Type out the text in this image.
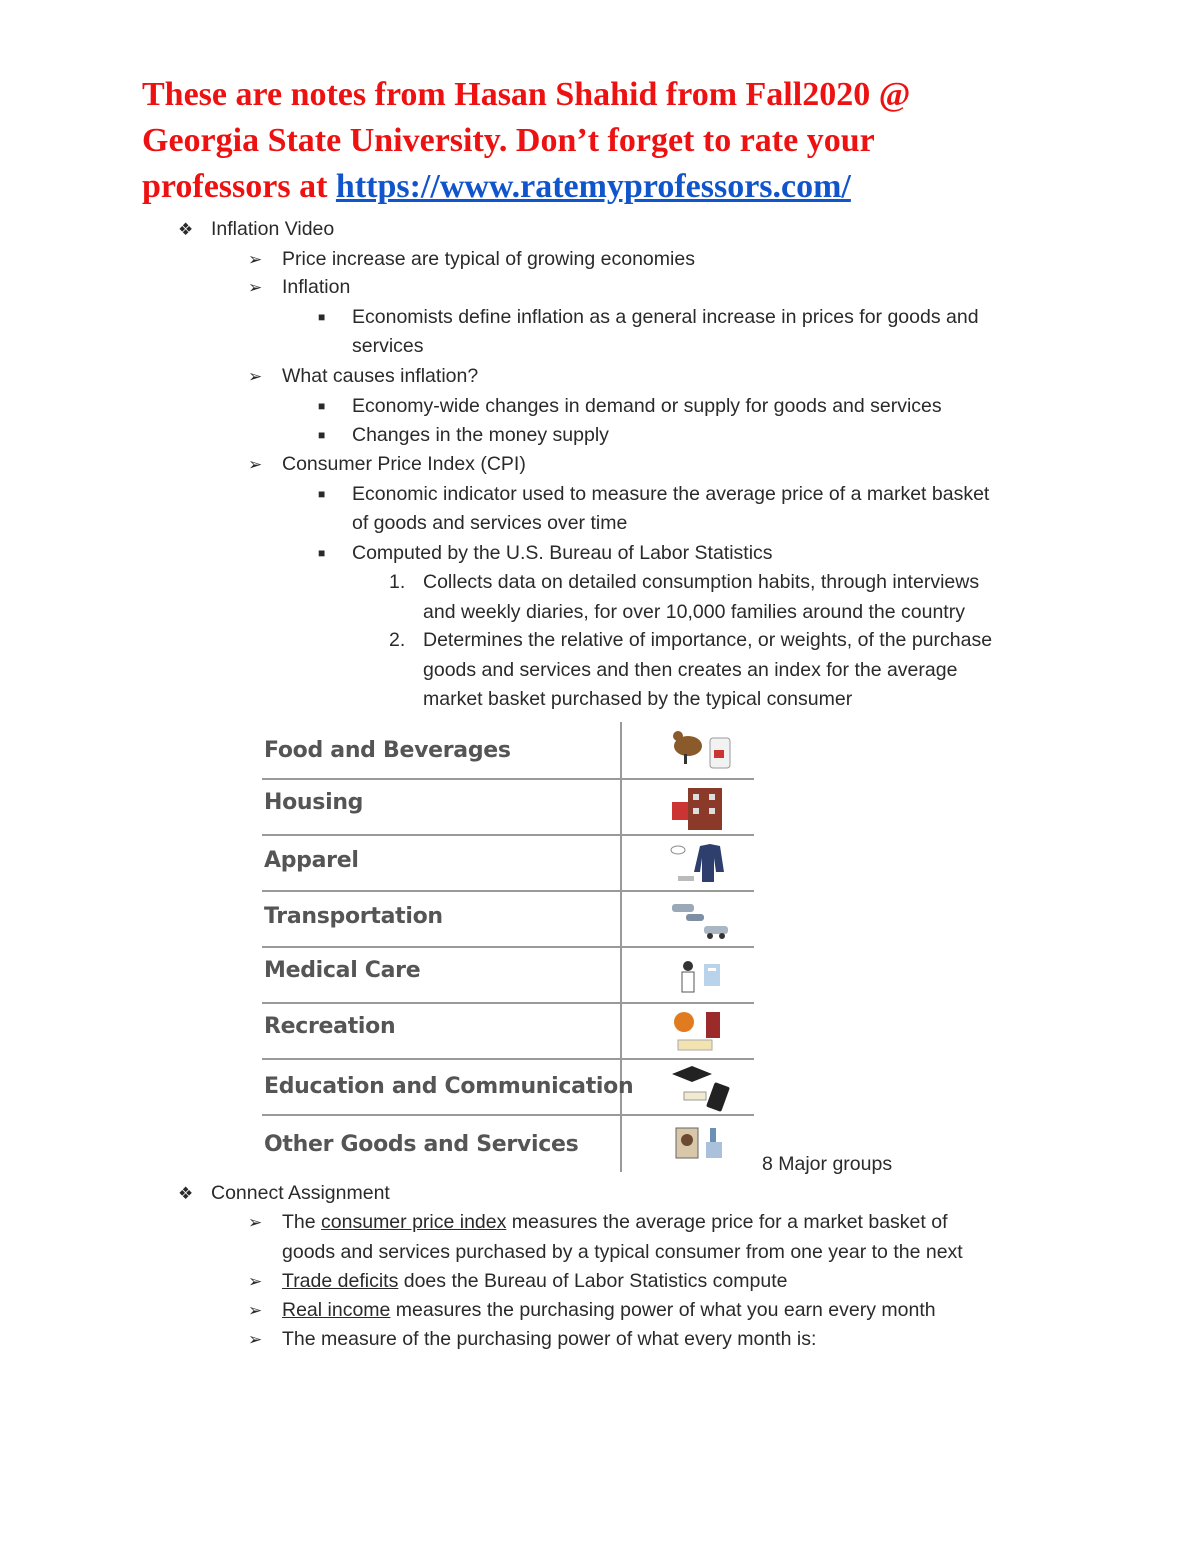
These are notes from Hasan Shahid from Fall2020 @
Georgia State University. Don’t forget to rate your
professors at https://www.ratemyprofessors.com/
❖ Inflation Video
➢ Price increase are typical of growing economies
➢ Inflation
■ Economists define inflation as a general increase in prices for goods and
services
➢ What causes inflation?
■ Economy-wide changes in demand or supply for goods and services
■ Changes in the money supply
➢ Consumer Price Index (CPI)
■ Economic indicator used to measure the average price of a market basket
of goods and services over time
■ Computed by the U.S. Bureau of Labor Statistics
1. Collects data on detailed consumption habits, through interviews
and weekly diaries, for over 10,000 families around the country
2. Determines the relative of importance, or weights, of the purchase
goods and services and then creates an index for the average
market basket purchased by the typical consumer
Food and Beverages
Housing
Apparel
Transportation
Medical Care
Recreation
Education and Communication
Other Goods and Services
8 Major groups
❖ Connect Assignment
➢ The consumer price index measures the average price for a market basket of
goods and services purchased by a typical consumer from one year to the next
➢ Trade deficits does the Bureau of Labor Statistics compute
➢ Real income measures the purchasing power of what you earn every month
➢ The measure of the purchasing power of what every month is:
